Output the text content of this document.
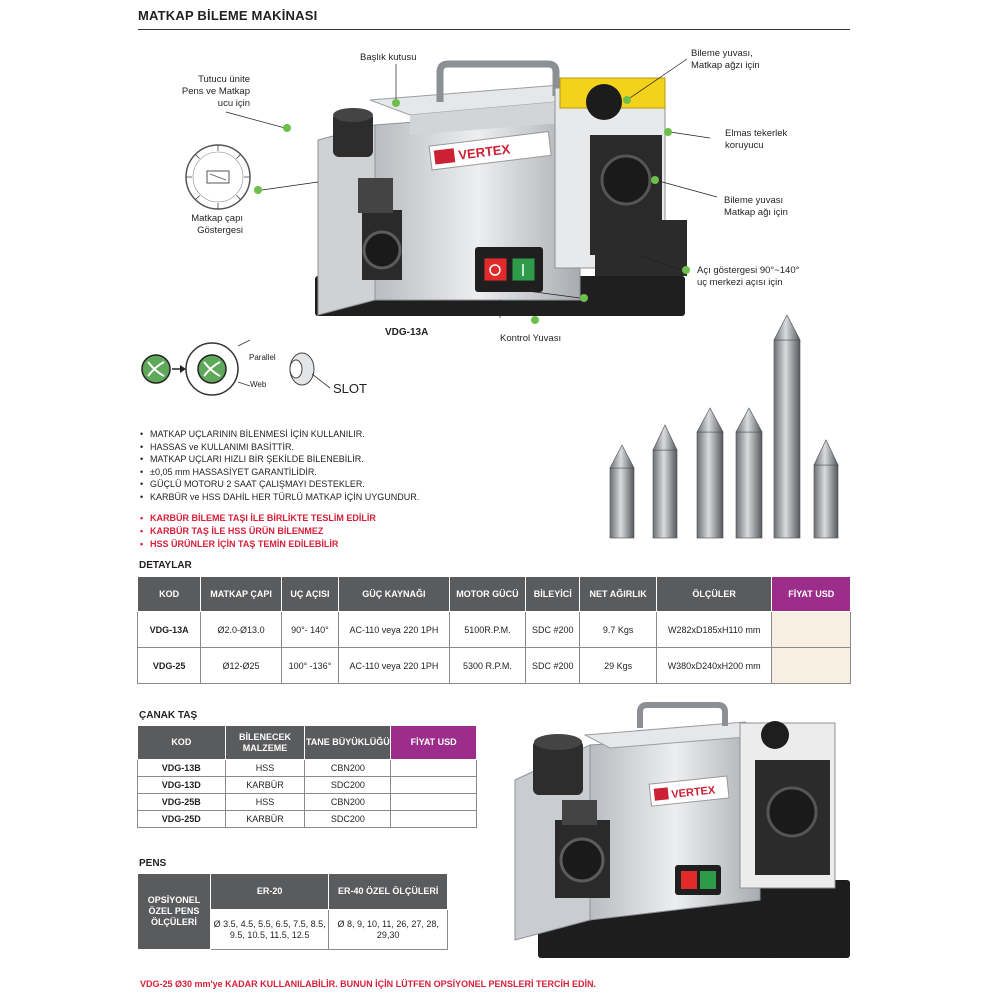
MATKAP BİLEME MAKİNASI
VERTEX
VERTEX
Başlık kutusu
Tutucu ünite
Pens ve Matkap
ucu için
Matkap çapı
Göstergesi
Bileme yuvası,
Matkap ağzı için
Elmas tekerlek
koruyucu
Bileme yuvası
Matkap ağı için
Açı göstergesi 90°~140°
uç merkezi açısı için
CE Anahtarı
Kontrol Yuvası
VDG-13A
VDG-25
Parallel
Web	SLOT
• MATKAP UÇLARININ BİLENMESİ İÇİN KULLANILIR.
• HASSAS ve KULLANIMI BASİTTİR.
• MATKAP UÇLARI HIZLI BİR ŞEKİLDE BİLENEBİLİR.
• ±0,05 mm HASSASİYET GARANTİLİDİR.
• GÜÇLÜ MOTORU 2 SAAT ÇALIŞMAYI DESTEKLER.
• KARBÜR ve HSS DAHİL HER TÜRLÜ MATKAP İÇİN UYGUNDUR.
• KARBÜR BİLEME TAŞI İLE BİRLİKTE TESLİM EDİLİR
• KARBÜR TAŞ İLE HSS ÜRÜN BİLENMEZ
• HSS ÜRÜNLER İÇİN TAŞ TEMİN EDİLEBİLİR
DETAYLAR
KOD	MATKAP ÇAPI	UÇ AÇISI	GÜÇ KAYNAĞI	MOTOR GÜCÜ	BİLEYİCİ	NET AĞIRLIK	ÖLÇÜLER	FİYAT USD
VDG-13A	Ø2.0-Ø13.0	90°- 140°	AC-110 veya 220 1PH	5100R.P.M.	SDC #200	9.7 Kgs	W282xD185xH110 mm	
VDG-25	Ø12-Ø25	100° -136°	AC-110 veya 220 1PH	5300 R.P.M.	SDC #200	29 Kgs	W380xD240xH200 mm	
ÇANAK TAŞ
KOD	BİLENECEK MALZEME	TANE BÜYÜKLÜĞÜ	FİYAT USD
VDG-13B	HSS	CBN200	
VDG-13D	KARBÜR	SDC200	
VDG-25B	HSS	CBN200	
VDG-25D	KARBÜR	SDC200	
PENS
OPSİYONEL ÖZEL PENS ÖLÇÜLERİ	ER-20	ER-40 ÖZEL ÖLÇÜLERİ
	Ø 3.5, 4.5, 5.5, 6.5, 7.5, 8.5, 9.5, 10.5, 11.5, 12.5	Ø 8, 9, 10, 11, 26, 27, 28, 29,30
VDG-25 Ø30 mm'ye KADAR KULLANILABİLİR. BUNUN İÇİN LÜTFEN OPSİYONEL PENSLERİ TERCİH EDİN.
